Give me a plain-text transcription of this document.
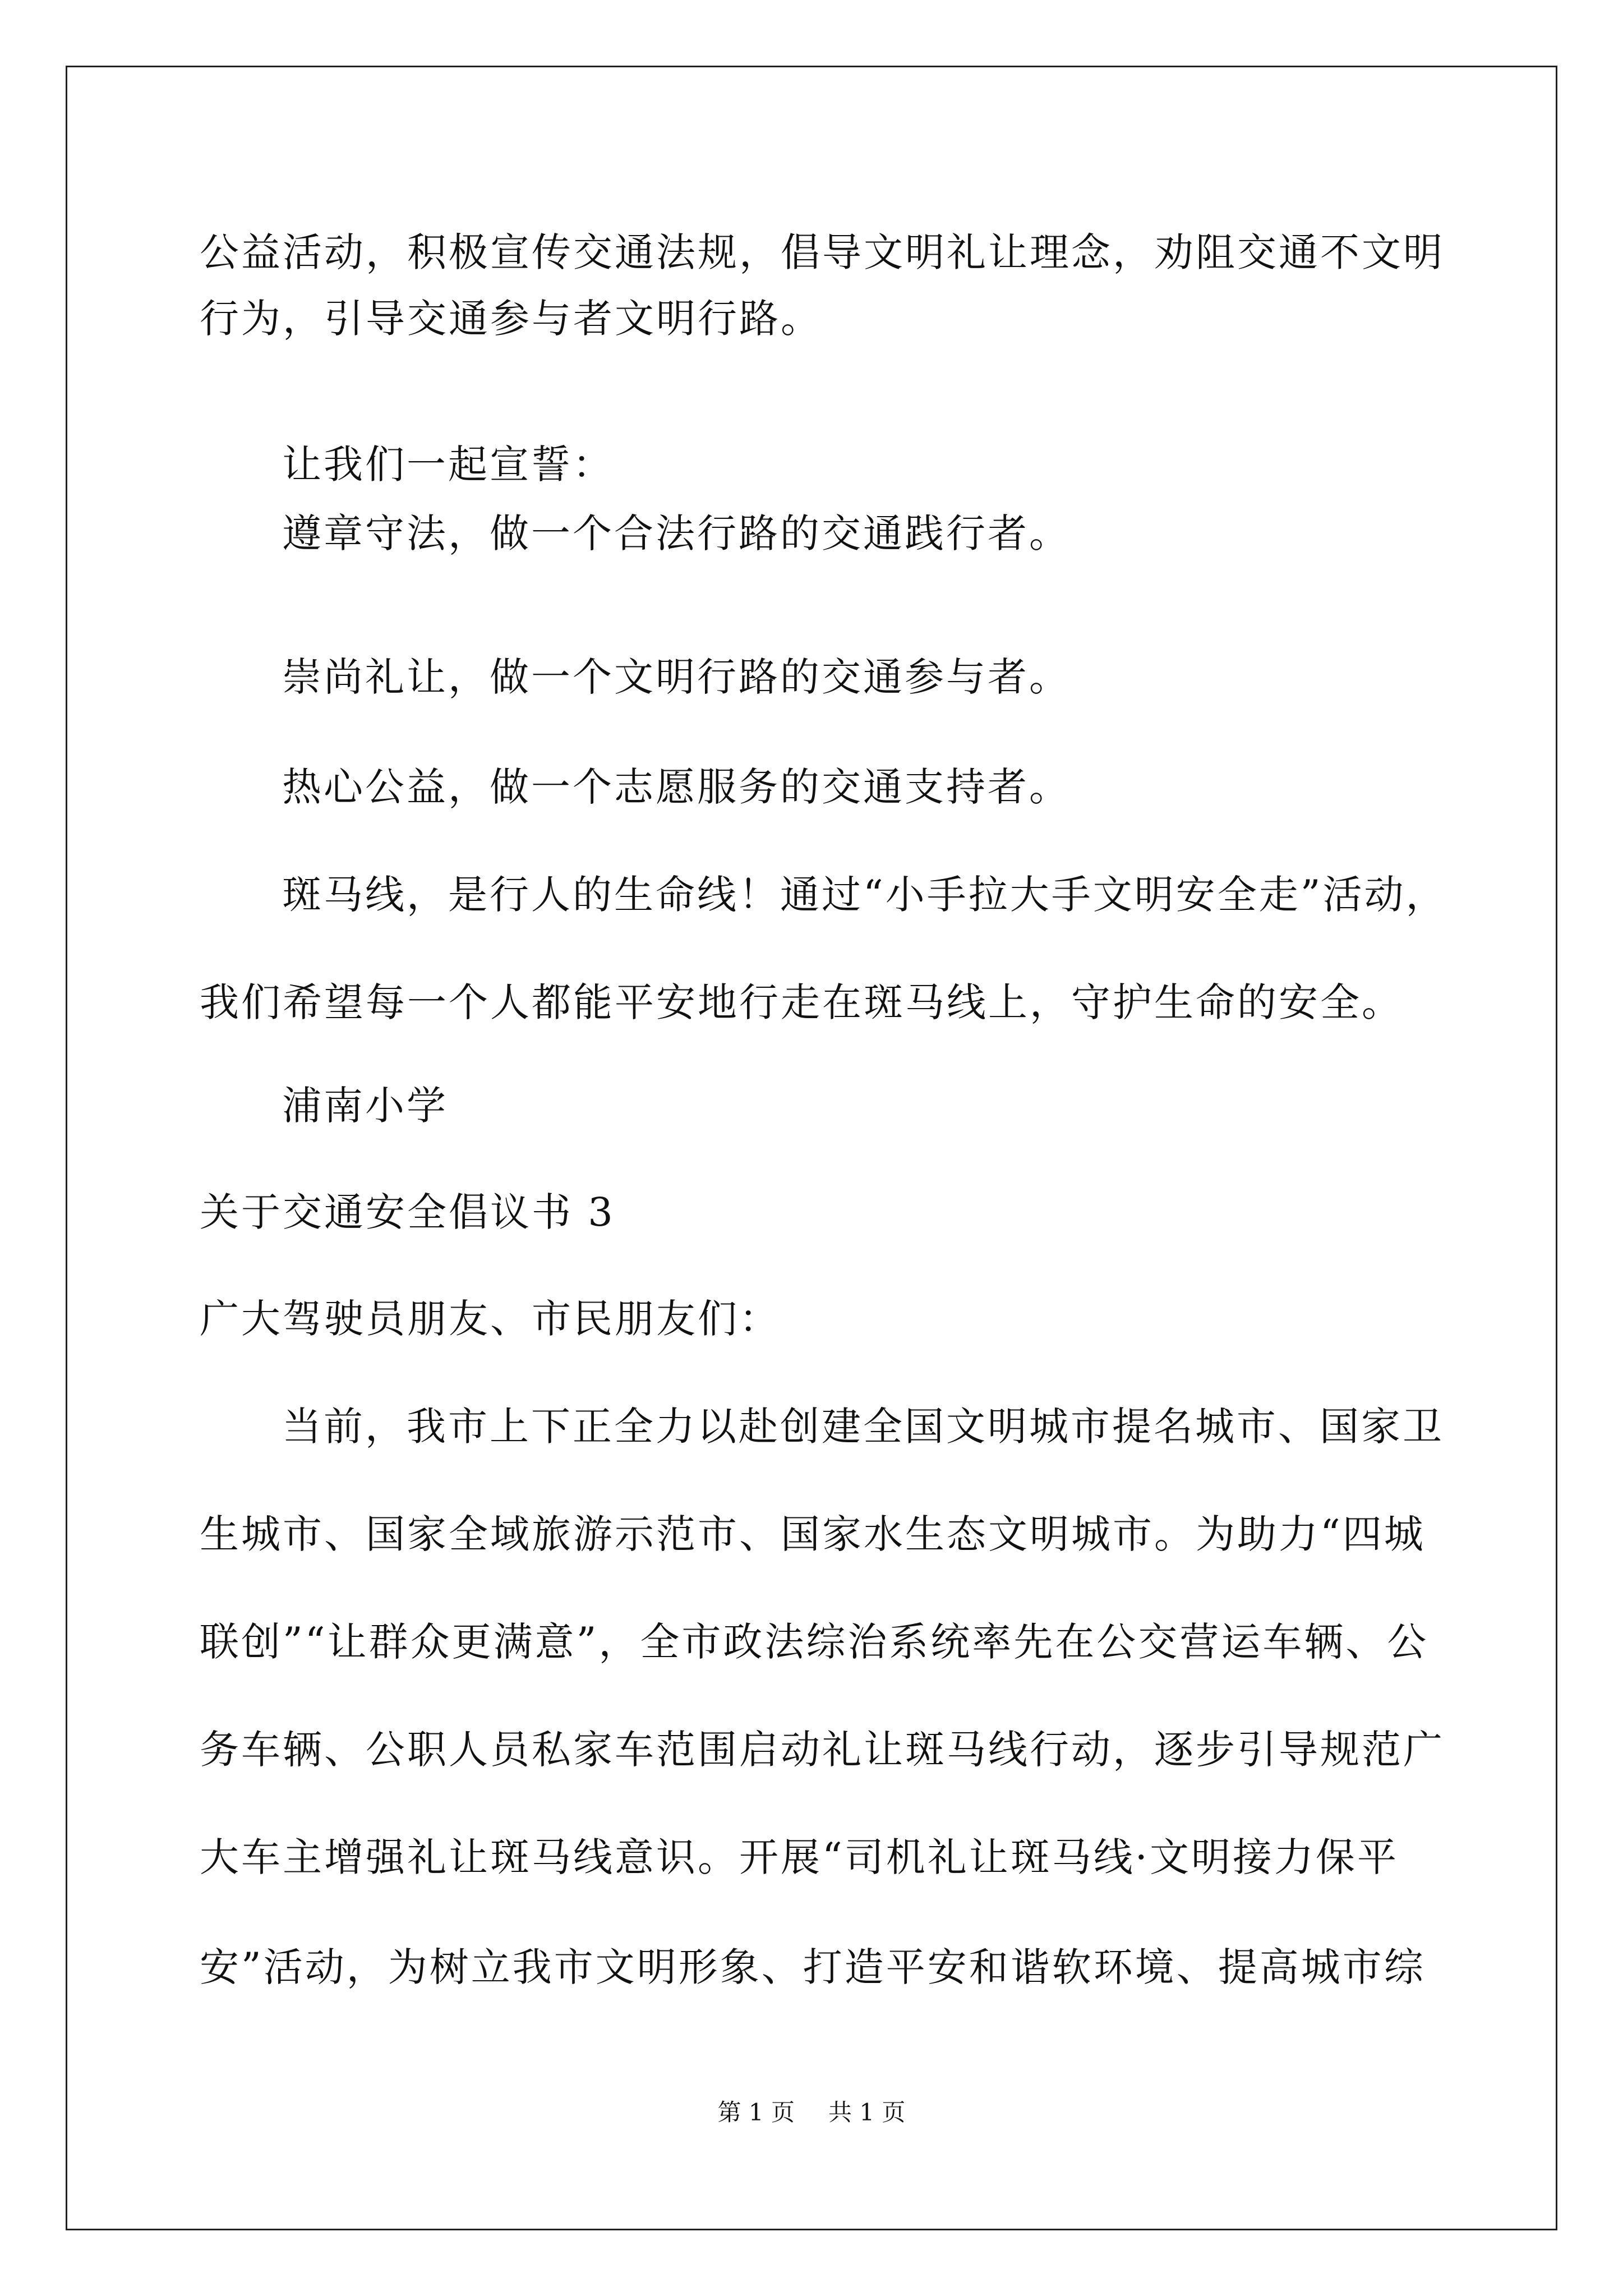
公益活动，积极宣传交通法规，倡导文明礼让理念，劝阻交通不文明
行为，引导交通参与者文明行路。
让我们一起宣誓：
遵章守法，做一个合法行路的交通践行者。
崇尚礼让，做一个文明行路的交通参与者。
热心公益，做一个志愿服务的交通支持者。
斑马线，是行人的生命线！通过“小手拉大手文明安全走”活动，
我们希望每一个人都能平安地行走在斑马线上，守护生命的安全。
浦南小学
关于交通安全倡议书 3
广大驾驶员朋友、市民朋友们：
当前，我市上下正全力以赴创建全国文明城市提名城市、国家卫
生城市、国家全域旅游示范市、国家水生态文明城市。为助力“四城
联创”“让群众更满意”，全市政法综治系统率先在公交营运车辆、公
务车辆、公职人员私家车范围启动礼让斑马线行动，逐步引导规范广
大车主增强礼让斑马线意识。开展“司机礼让斑马线·文明接力保平
安”活动，为树立我市文明形象、打造平安和谐软环境、提高城市综
第 1 页 共 1 页
